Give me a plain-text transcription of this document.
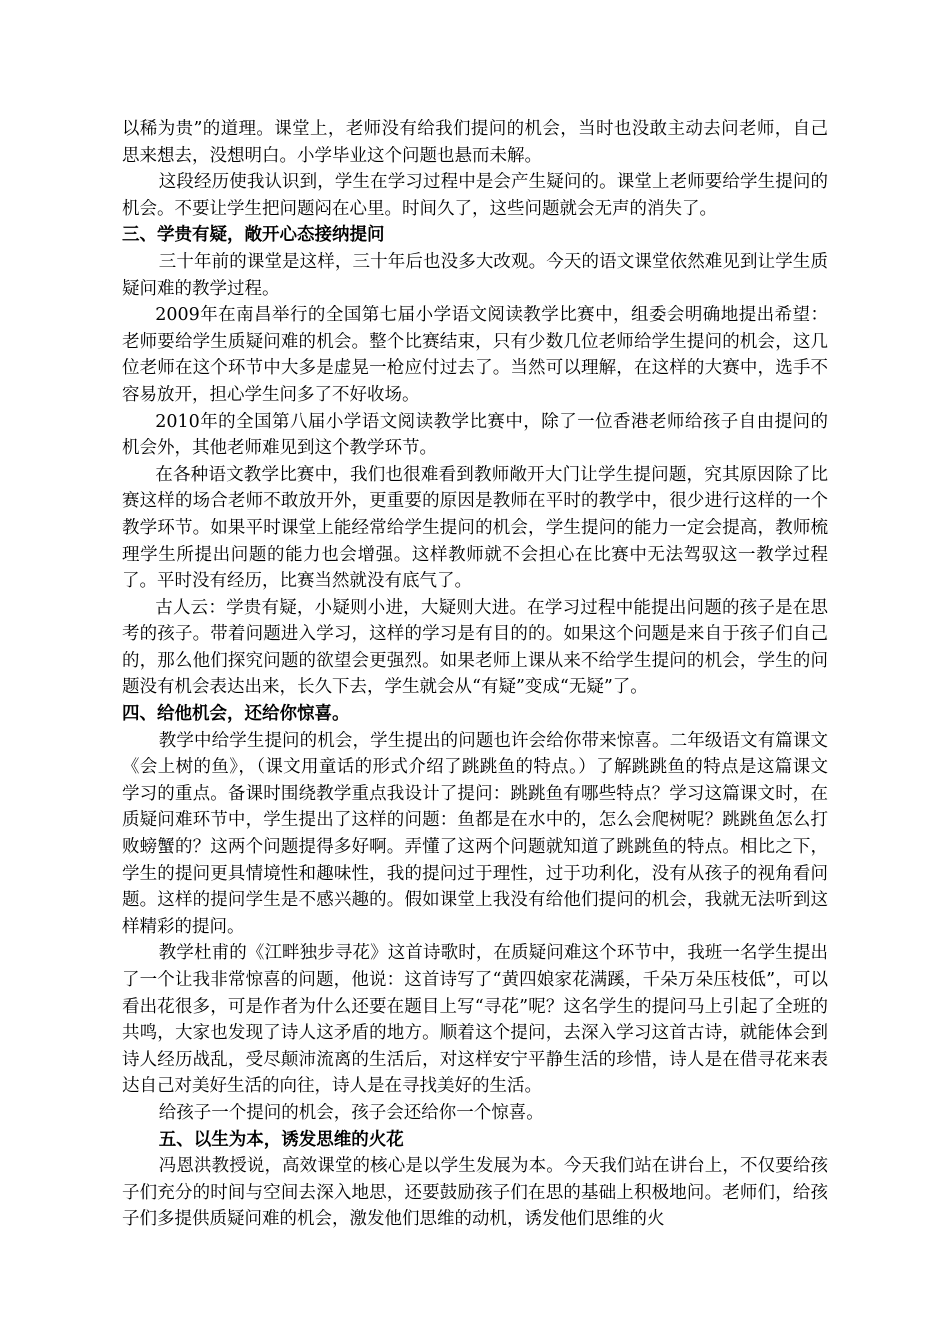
以稀为贵”的道理。课堂上，老师没有给我们提问的机会，当时也没敢主动去问老师，自己思来想去，没想明白。小学毕业这个问题也悬而未解。

这段经历使我认识到，学生在学习过程中是会产生疑问的。课堂上老师要给学生提问的机会。不要让学生把问题闷在心里。时间久了，这些问题就会无声的消失了。

三、学贵有疑，敞开心态接纳提问

三十年前的课堂是这样，三十年后也没多大改观。今天的语文课堂依然难见到让学生质疑问难的教学过程。

2009年在南昌举行的全国第七届小学语文阅读教学比赛中，组委会明确地提出希望：老师要给学生质疑问难的机会。整个比赛结束，只有少数几位老师给学生提问的机会，这几位老师在这个环节中大多是虚晃一枪应付过去了。当然可以理解，在这样的大赛中，选手不容易放开，担心学生问多了不好收场。

2010年的全国第八届小学语文阅读教学比赛中，除了一位香港老师给孩子自由提问的机会外，其他老师难见到这个教学环节。

在各种语文教学比赛中，我们也很难看到教师敞开大门让学生提问题，究其原因除了比赛这样的场合老师不敢放开外，更重要的原因是教师在平时的教学中，很少进行这样的一个教学环节。如果平时课堂上能经常给学生提问的机会，学生提问的能力一定会提高，教师梳理学生所提出问题的能力也会增强。这样教师就不会担心在比赛中无法驾驭这一教学过程了。平时没有经历，比赛当然就没有底气了。

古人云：学贵有疑，小疑则小进，大疑则大进。在学习过程中能提出问题的孩子是在思考的孩子。带着问题进入学习，这样的学习是有目的的。如果这个问题是来自于孩子们自己的，那么他们探究问题的欲望会更强烈。如果老师上课从来不给学生提问的机会，学生的问题没有机会表达出来，长久下去，学生就会从“有疑”变成“无疑”了。

四、给他机会，还给你惊喜。

教学中给学生提问的机会，学生提出的问题也许会给你带来惊喜。二年级语文有篇课文《会上树的鱼》，（课文用童话的形式介绍了跳跳鱼的特点。）了解跳跳鱼的特点是这篇课文学习的重点。备课时围绕教学重点我设计了提问：跳跳鱼有哪些特点？学习这篇课文时，在质疑问难环节中，学生提出了这样的问题：鱼都是在水中的，怎么会爬树呢？跳跳鱼怎么打败螃蟹的？这两个问题提得多好啊。弄懂了这两个问题就知道了跳跳鱼的特点。相比之下，学生的提问更具情境性和趣味性，我的提问过于理性，过于功利化，没有从孩子的视角看问题。这样的提问学生是不感兴趣的。假如课堂上我没有给他们提问的机会，我就无法听到这样精彩的提问。

教学杜甫的《江畔独步寻花》这首诗歌时，在质疑问难这个环节中，我班一名学生提出了一个让我非常惊喜的问题，他说：这首诗写了“黄四娘家花满蹊，千朵万朵压枝低”，可以看出花很多，可是作者为什么还要在题目上写“寻花”呢？这名学生的提问马上引起了全班的共鸣，大家也发现了诗人这矛盾的地方。顺着这个提问，去深入学习这首古诗，就能体会到诗人经历战乱，受尽颠沛流离的生活后，对这样安宁平静生活的珍惜，诗人是在借寻花来表达自己对美好生活的向往，诗人是在寻找美好的生活。

给孩子一个提问的机会，孩子会还给你一个惊喜。

五、以生为本，诱发思维的火花

冯恩洪教授说，高效课堂的核心是以学生发展为本。今天我们站在讲台上，不仅要给孩子们充分的时间与空间去深入地思，还要鼓励孩子们在思的基础上积极地问。老师们，给孩子们多提供质疑问难的机会，激发他们思维的动机，诱发他们思维的火
